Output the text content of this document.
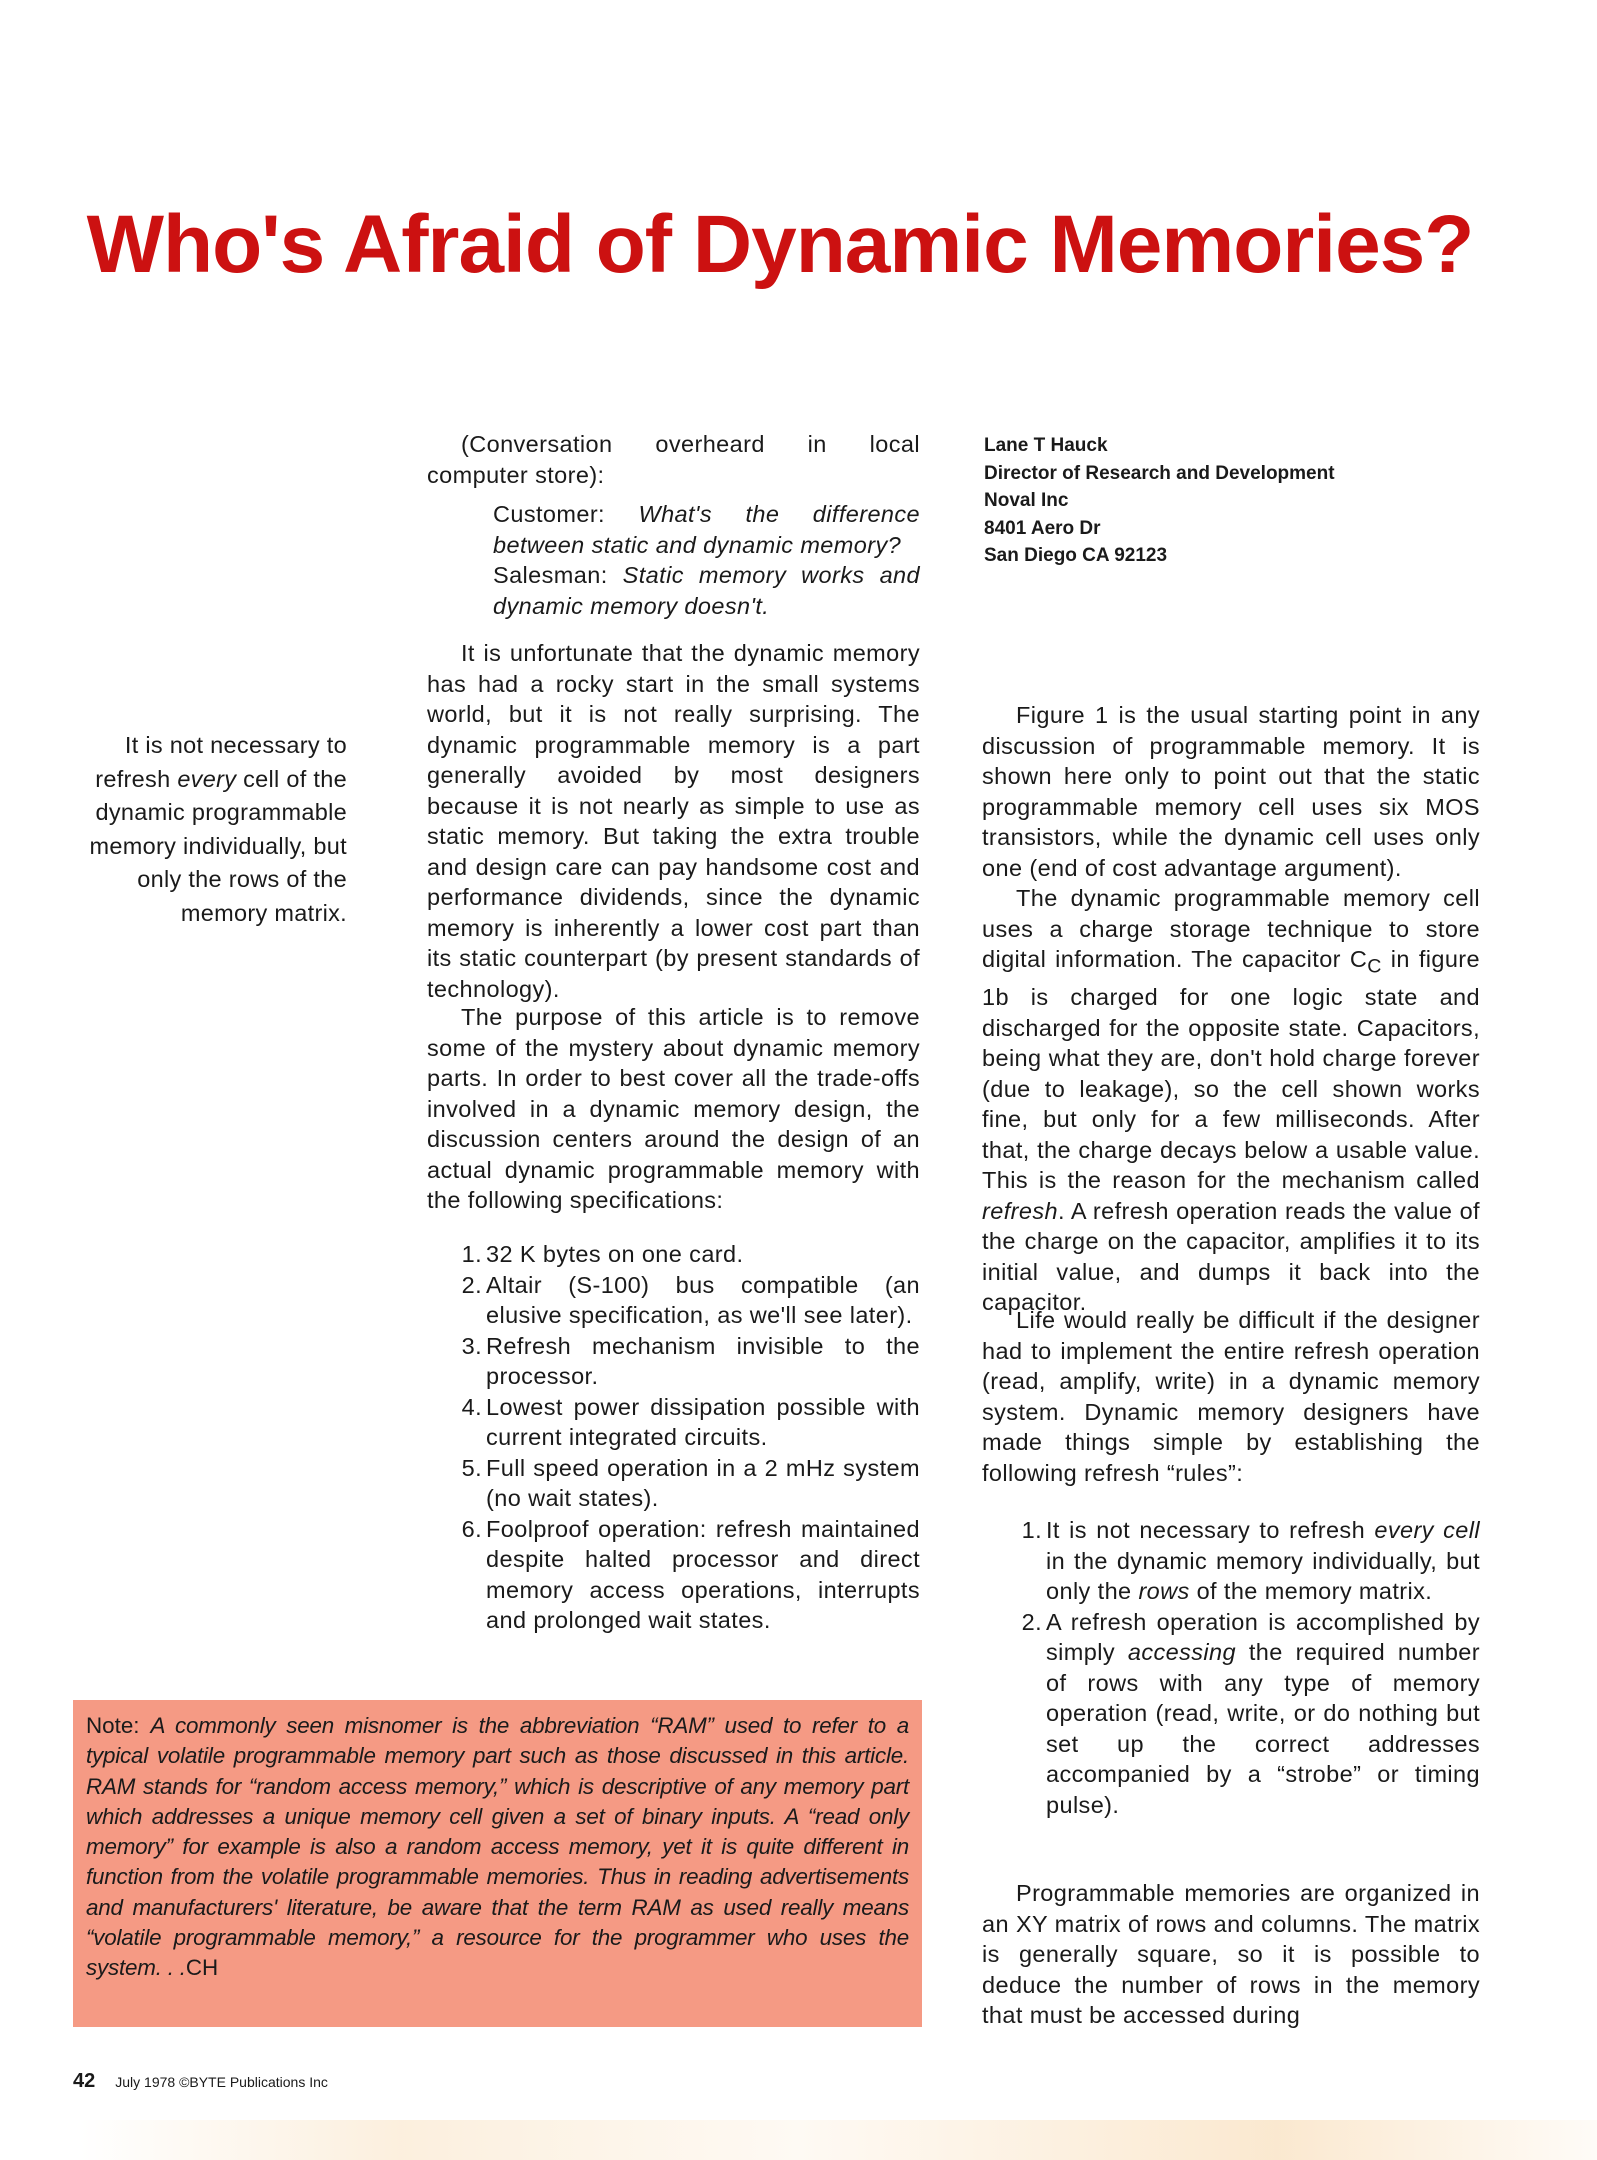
Who's Afraid of Dynamic Memories?
It is not necessary to refresh every cell of the dynamic programmable memory individually, but only the rows of the memory matrix.
Lane T Hauck
Director of Research and Development
Noval Inc
8401 Aero Dr
San Diego CA 92123

(Conversation overheard in local computer store):

Customer: What's the difference between static and dynamic memory?

Salesman: Static memory works and dynamic memory doesn't.

It is unfortunate that the dynamic memory has had a rocky start in the small systems world, but it is not really surprising. The dynamic programmable memory is a part generally avoided by most designers because it is not nearly as simple to use as static memory. But taking the extra trouble and design care can pay handsome cost and performance dividends, since the dynamic memory is inherently a lower cost part than its static counterpart (by present standards of technology).

The purpose of this article is to remove some of the mystery about dynamic memory parts. In order to best cover all the trade-offs involved in a dynamic memory design, the discussion centers around the design of an actual dynamic programmable memory with the following specifications:

1. 32 K bytes on one card.
2. Altair (S-100) bus compatible (an elusive specification, as we'll see later).
3. Refresh mechanism invisible to the processor.
4. Lowest power dissipation possible with current integrated circuits.
5. Full speed operation in a 2 mHz system (no wait states).
6. Foolproof operation: refresh maintained despite halted processor and direct memory access operations, interrupts and prolonged wait states.

Figure 1 is the usual starting point in any discussion of programmable memory. It is shown here only to point out that the static programmable memory cell uses six MOS transistors, while the dynamic cell uses only one (end of cost advantage argument).

The dynamic programmable memory cell uses a charge storage technique to store digital information. The capacitor $C_C$ in figure 1b is charged for one logic state and discharged for the opposite state. Capacitors, being what they are, don't hold charge forever (due to leakage), so the cell shown works fine, but only for a few milliseconds. After that, the charge decays below a usable value. This is the reason for the mechanism called refresh. A refresh operation reads the value of the charge on the capacitor, amplifies it to its initial value, and dumps it back into the capacitor.

Life would really be difficult if the designer had to implement the entire refresh operation (read, amplify, write) in a dynamic memory system. Dynamic memory designers have made things simple by establishing the following refresh “rules”:

1. It is not necessary to refresh every cell in the dynamic memory individually, but only the rows of the memory matrix.
2. A refresh operation is accomplished by simply accessing the required number of rows with any type of memory operation (read, write, or do nothing but set up the correct addresses accompanied by a “strobe” or timing pulse).

Programmable memories are organized in an XY matrix of rows and columns. The matrix is generally square, so it is possible to deduce the number of rows in the memory that must be accessed during

Note: A commonly seen misnomer is the abbreviation “RAM” used to refer to a typical volatile programmable memory part such as those discussed in this article. RAM stands for “random access memory,” which is descriptive of any memory part which addresses a unique memory cell given a set of binary inputs. A “read only memory” for example is also a random access memory, yet it is quite different in function from the volatile programmable memories. Thus in reading advertisements and manufacturers' literature, be aware that the term RAM as used really means “volatile programmable memory,” a resource for the programmer who uses the system. . .CH
42 July 1978 ©BYTE Publications Inc
